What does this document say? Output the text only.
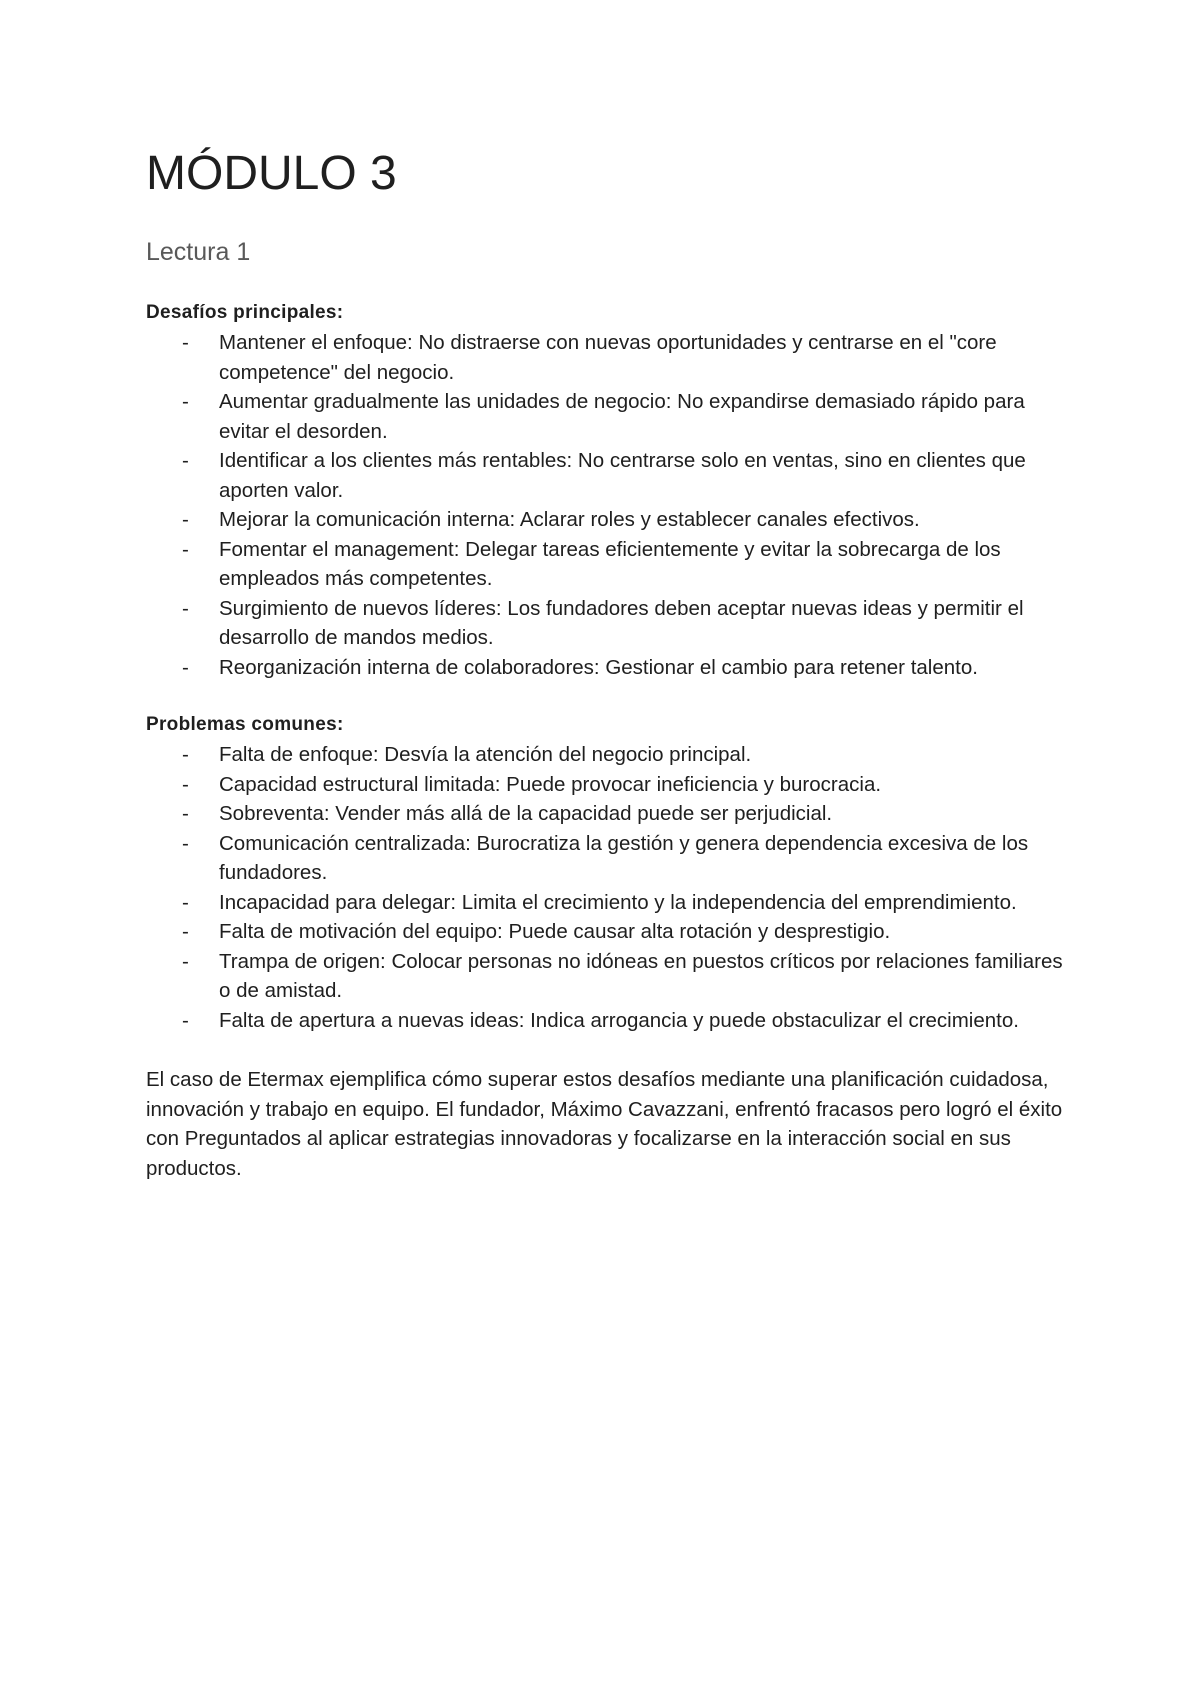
MÓDULO 3
Lectura 1

Desafíos principales:

- Mantener el enfoque: No distraerse con nuevas oportunidades y centrarse en el "core competence" del negocio.
- Aumentar gradualmente las unidades de negocio: No expandirse demasiado rápido para evitar el desorden.
- Identificar a los clientes más rentables: No centrarse solo en ventas, sino en clientes que aporten valor.
- Mejorar la comunicación interna: Aclarar roles y establecer canales efectivos.
- Fomentar el management: Delegar tareas eficientemente y evitar la sobrecarga de los empleados más competentes.
- Surgimiento de nuevos líderes: Los fundadores deben aceptar nuevas ideas y permitir el desarrollo de mandos medios.
- Reorganización interna de colaboradores: Gestionar el cambio para retener talento.

Problemas comunes:

- Falta de enfoque: Desvía la atención del negocio principal.
- Capacidad estructural limitada: Puede provocar ineficiencia y burocracia.
- Sobreventa: Vender más allá de la capacidad puede ser perjudicial.
- Comunicación centralizada: Burocratiza la gestión y genera dependencia excesiva de los fundadores.
- Incapacidad para delegar: Limita el crecimiento y la independencia del emprendimiento.
- Falta de motivación del equipo: Puede causar alta rotación y desprestigio.
- Trampa de origen: Colocar personas no idóneas en puestos críticos por relaciones familiares o de amistad.
- Falta de apertura a nuevas ideas: Indica arrogancia y puede obstaculizar el crecimiento.

El caso de Etermax ejemplifica cómo superar estos desafíos mediante una planificación cuidadosa, innovación y trabajo en equipo. El fundador, Máximo Cavazzani, enfrentó fracasos pero logró el éxito con Preguntados al aplicar estrategias innovadoras y focalizarse en la interacción social en sus productos.
